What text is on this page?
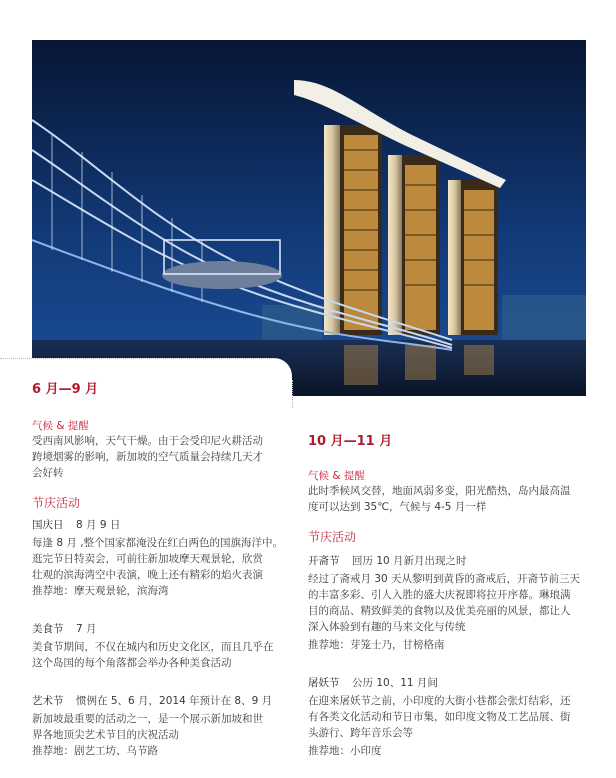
6 月—9 月
气候 & 提醒
受西南风影响，天气干燥。由于会受印尼火耕活动
跨境烟雾的影响，新加坡的空气质量会持续几天才
会好转
节庆活动
国庆日 8 月 9 日
每逢 8 月 ,整个国家都淹没在红白两色的国旗海洋中。
逛完节日特卖会，可前往新加坡摩天观景轮，欣赏
壮观的滨海湾空中表演，晚上还有精彩的焰火表演
推荐地：摩天观景轮，滨海湾
美食节 7 月
美食节期间，不仅在城内和历史文化区，而且几乎在
这个岛国的每个角落都会举办各种美食活动
艺术节 惯例在 5、6 月，2014 年预计在 8、9 月
新加坡最重要的活动之一，是一个展示新加坡和世
界各地顶尖艺术节目的庆祝活动
推荐地：剧艺工坊、乌节路
10 月—11 月
气候 & 提醒
此时季候风交替，地面风弱多变，阳光酷热，岛内最高温
度可以达到 35℃，气候与 4-5 月一样
节庆活动
开斋节 回历 10 月新月出现之时
经过了斋戒月 30 天从黎明到黄昏的斋戒后，开斋节前三天
的丰富多彩、引人入胜的盛大庆祝即将拉开序幕。琳琅满
目的商品、精致鲜美的食物以及优美亮丽的风景，都让人
深入体验到有趣的马来文化与传统
推荐地：芽笼士乃，甘榜格南
屠妖节 公历 10、11 月间
在迎来屠妖节之前，小印度的大街小巷都会张灯结彩，还
有各类文化活动和节日市集，如印度文物及工艺品展、街
头游行、跨年音乐会等
推荐地：小印度
